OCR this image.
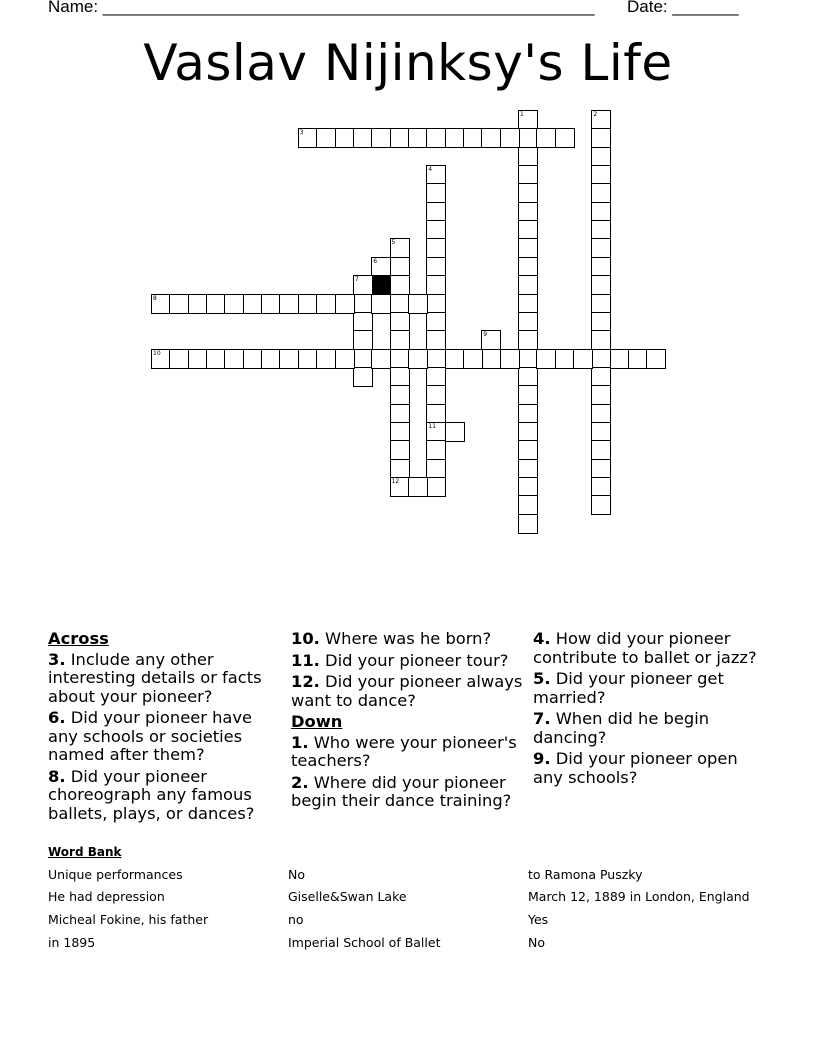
Name: ____________________________________________________ Date: _______
Vaslav Nijinksy's Life
1	2
3
4
5
6
7
8
9
10
11
12
Across
3. Include any other interesting details or facts about your pioneer?
6. Did your pioneer have any schools or societies named after them?
8. Did your pioneer choreograph any famous ballets, plays, or dances?
10. Where was he born?
11. Did your pioneer tour?
12. Did your pioneer always want to dance?
Down
1. Who were your pioneer's teachers?
2. Where did your pioneer begin their dance training?
4. How did your pioneer contribute to ballet or jazz?
5. Did your pioneer get married?
7. When did he begin dancing?
9. Did your pioneer open any schools?
Word Bank
Unique performances	No	to Ramona Puszky
He had depression	Giselle&Swan Lake	March 12, 1889 in London, England
Micheal Fokine, his father	no	Yes
in 1895	Imperial School of Ballet	No
